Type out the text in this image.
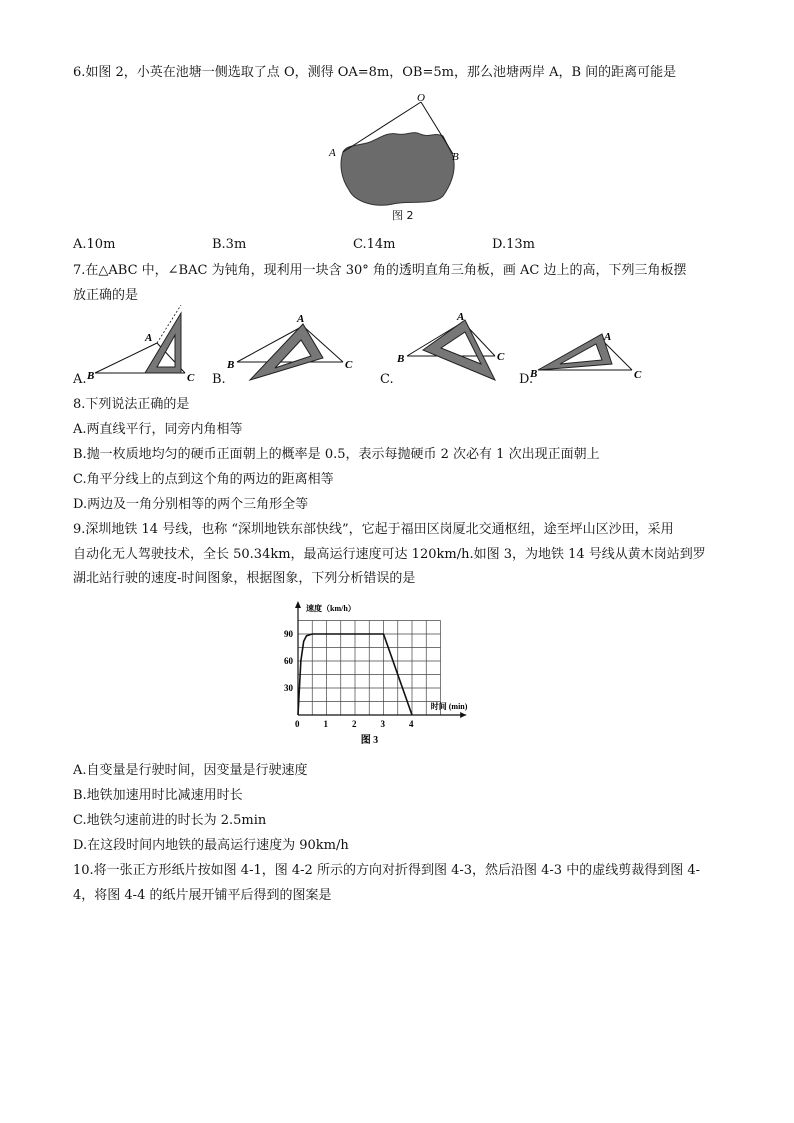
6.如图 2，小英在池塘一侧选取了点 O，测得 OA=8m，OB=5m，那么池塘两岸 A，B 间的距离可能是
O
A	B
图 2
A.10m	B.3m	C.14m	D.13m
7.在△ABC 中，∠BAC 为钝角，现利用一块含 30° 角的透明直角三角板，画 AC 边上的高，下列三角板摆
放正确的是
A. B
A
C B.
B
A
C
C.
B
A
C
D.
B
A
C
8.下列说法正确的是
A.两直线平行，同旁内角相等
B.抛一枚质地均匀的硬币正面朝上的概率是 0.5，表示每抛硬币 2 次必有 1 次出现正面朝上
C.角平分线上的点到这个角的两边的距离相等
D.两边及一角分别相等的两个三角形全等
9.深圳地铁 14 号线，也称 “深圳地铁东部快线”，它起于福田区岗厦北交通枢纽，途至坪山区沙田，采用
自动化无人驾驶技术，全长 50.34km，最高运行速度可达 120km/h.如图 3，为地铁 14 号线从黄木岗站到罗
湖北站行驶的速度-时间图象，根据图象，下列分析错误的是
速度（km/h）
时间 (min)
0	1	2	3	4
30
60
90
图 3
A.自变量是行驶时间，因变量是行驶速度
B.地铁加速用时比减速用时长
C.地铁匀速前进的时长为 2.5min
D.在这段时间内地铁的最高运行速度为 90km/h
10.将一张正方形纸片按如图 4-1，图 4-2 所示的方向对折得到图 4-3，然后沿图 4-3 中的虚线剪裁得到图 4-
4，将图 4-4 的纸片展开铺平后得到的图案是
